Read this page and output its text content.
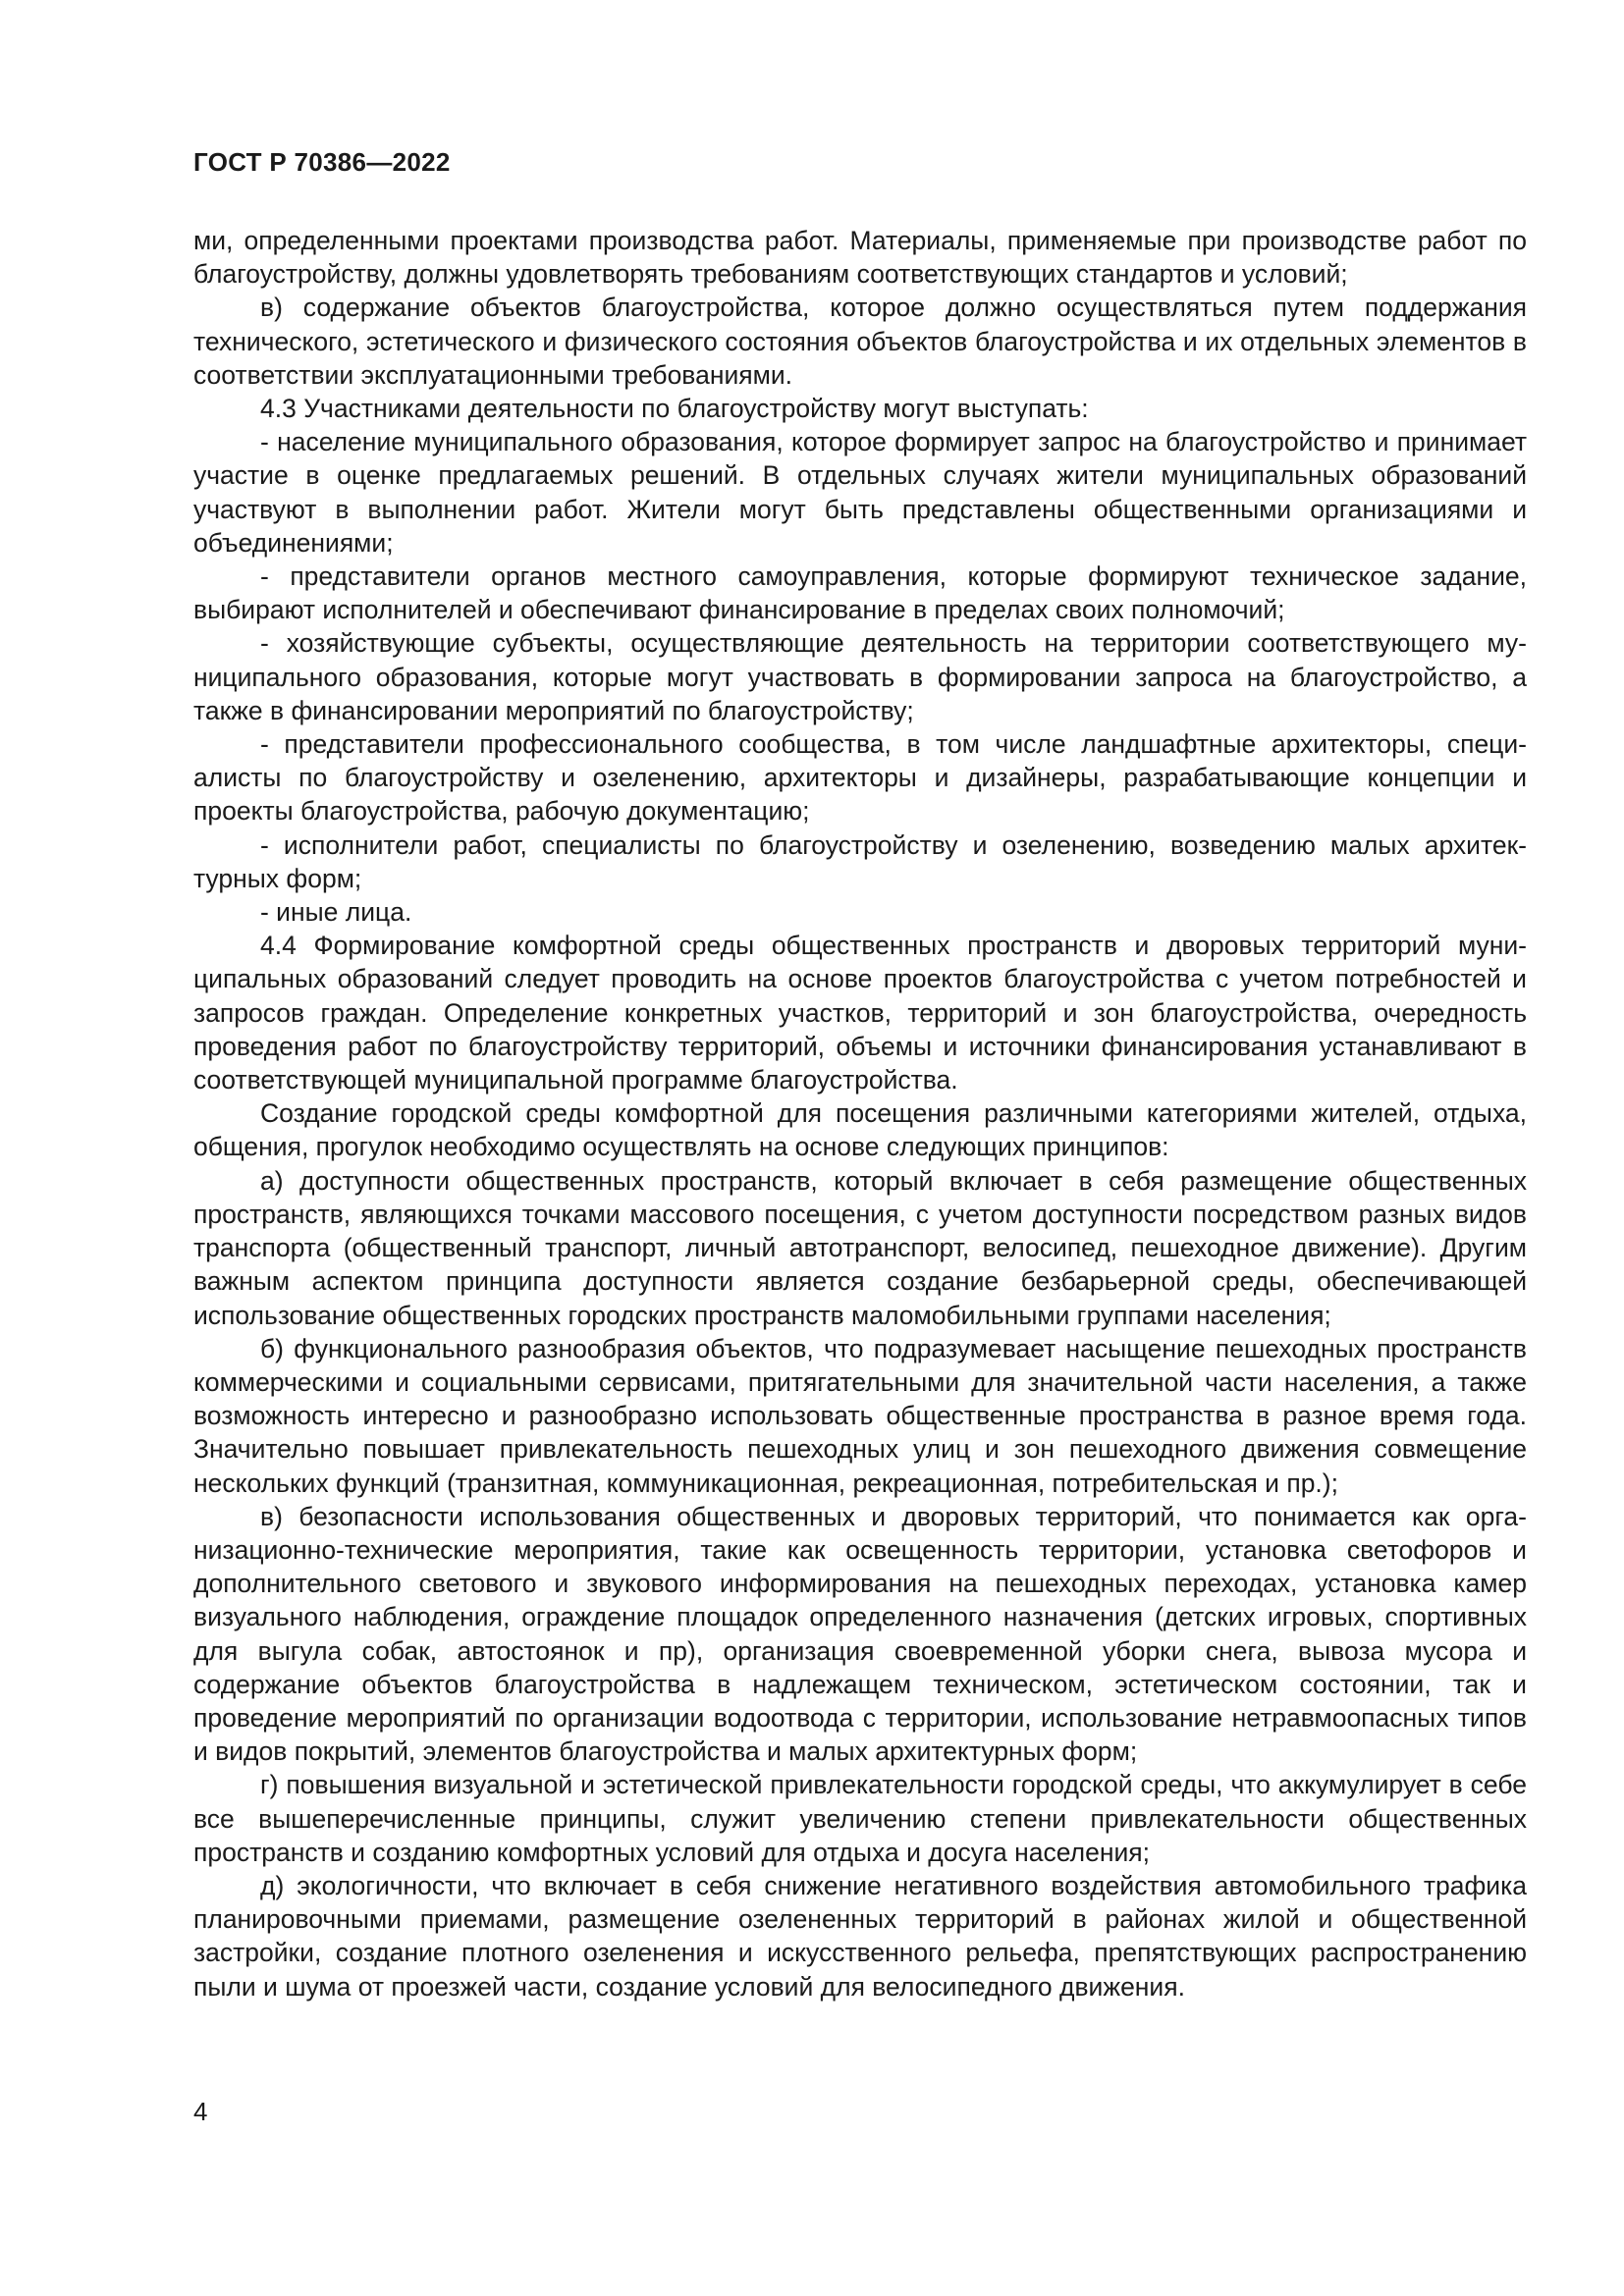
ГОСТ Р 70386—2022

ми, определенными проектами производства работ. Материалы, применяемые при производстве работ по благоустройству, должны удовлетворять требованиям соответствующих стандартов и условий;

в) содержание объектов благоустройства, которое должно осуществляться путем поддержания технического, эстетического и физического состояния объектов благоустройства и их отдельных элементов в соответствии эксплуатационными требованиями.

4.3 Участниками деятельности по благоустройству могут выступать:

- население муниципального образования, которое формирует запрос на благоустройство и принимает участие в оценке предлагаемых решений. В отдельных случаях жители муниципальных образований участвуют в выполнении работ. Жители могут быть представлены общественными организациями и объединениями;

- представители органов местного самоуправления, которые формируют техническое задание, выбирают исполнителей и обеспечивают финансирование в пределах своих полномочий;

- хозяйствующие субъекты, осуществляющие деятельность на территории соответствующего муниципального образования, которые могут участвовать в формировании запроса на благоустройство, а также в финансировании мероприятий по благоустройству;

- представители профессионального сообщества, в том числе ландшафтные архитекторы, специалисты по благоустройству и озеленению, архитекторы и дизайнеры, разрабатывающие концепции и проекты благоустройства, рабочую документацию;

- исполнители работ, специалисты по благоустройству и озеленению, возведению малых архитектурных форм;

- иные лица.

4.4 Формирование комфортной среды общественных пространств и дворовых территорий муниципальных образований следует проводить на основе проектов благоустройства с учетом потребностей и запросов граждан. Определение конкретных участков, территорий и зон благоустройства, очередность проведения работ по благоустройству территорий, объемы и источники финансирования устанавливают в соответствующей муниципальной программе благоустройства.

Создание городской среды комфортной для посещения различными категориями жителей, отдыха, общения, прогулок необходимо осуществлять на основе следующих принципов:

а) доступности общественных пространств, который включает в себя размещение общественных пространств, являющихся точками массового посещения, с учетом доступности посредством разных видов транспорта (общественный транспорт, личный автотранспорт, велосипед, пешеходное движение). Другим важным аспектом принципа доступности является создание безбарьерной среды, обеспечивающей использование общественных городских пространств маломобильными группами населения;

б) функционального разнообразия объектов, что подразумевает насыщение пешеходных пространств коммерческими и социальными сервисами, притягательными для значительной части населения, а также возможность интересно и разнообразно использовать общественные пространства в разное время года. Значительно повышает привлекательность пешеходных улиц и зон пешеходного движения совмещение нескольких функций (транзитная, коммуникационная, рекреационная, потребительская и пр.);

в) безопасности использования общественных и дворовых территорий, что понимается как организационно-технические мероприятия, такие как освещенность территории, установка светофоров и дополнительного светового и звукового информирования на пешеходных переходах, установка камер визуального наблюдения, ограждение площадок определенного назначения (детских игровых, спортивных для выгула собак, автостоянок и пр), организация своевременной уборки снега, вывоза мусора и содержание объектов благоустройства в надлежащем техническом, эстетическом состоянии, так и проведение мероприятий по организации водоотвода с территории, использование нетравмоопасных типов и видов покрытий, элементов благоустройства и малых архитектурных форм;

г) повышения визуальной и эстетической привлекательности городской среды, что аккумулирует в себе все вышеперечисленные принципы, служит увеличению степени привлекательности общественных пространств и созданию комфортных условий для отдыха и досуга населения;

д) экологичности, что включает в себя снижение негативного воздействия автомобильного трафика планировочными приемами, размещение озелененных территорий в районах жилой и общественной застройки, создание плотного озеленения и искусственного рельефа, препятствующих распространению пыли и шума от проезжей части, создание условий для велосипедного движения.

4
